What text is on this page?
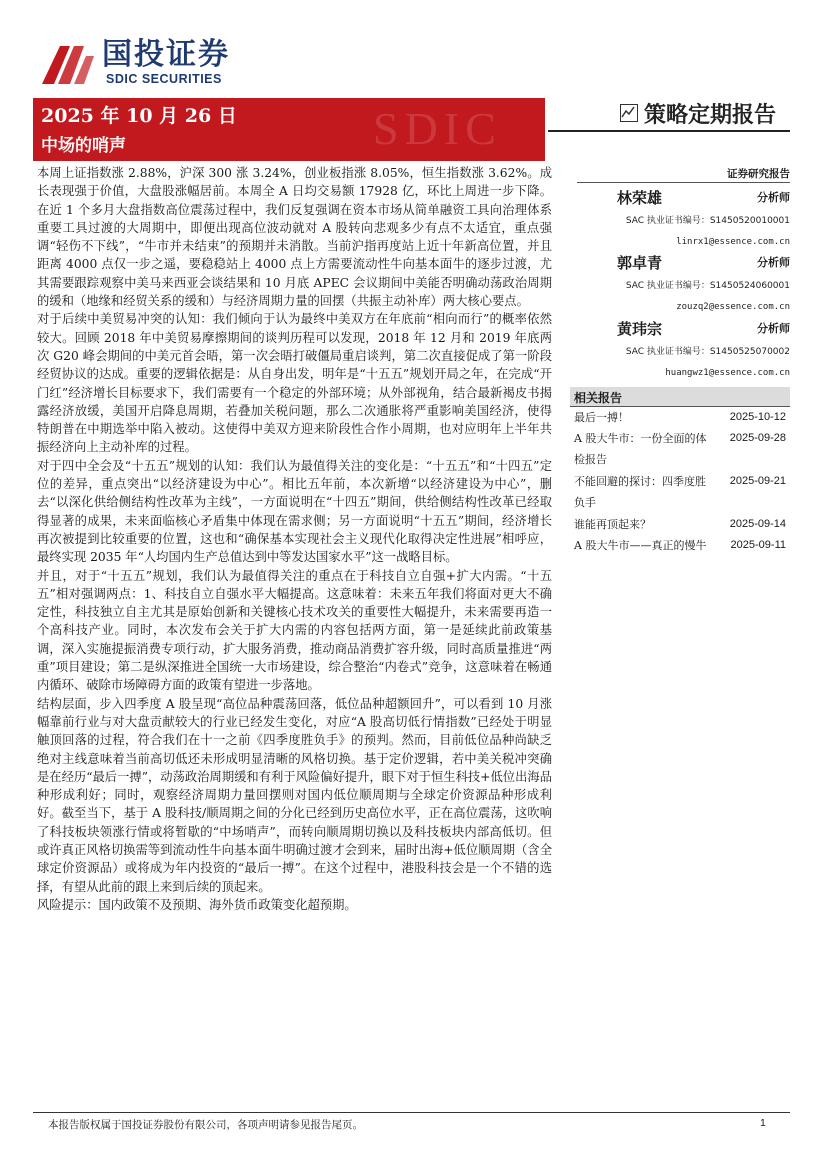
国投证券
SDIC SECURITIES
SDIC
2025 年 10 月 26 日
中场的哨声
策略定期报告
证券研究报告
林荣雄	分析师
SAC 执业证书编号：S1450520010001
linrx1@essence.com.cn
郭卓青	分析师
SAC 执业证书编号：S1450524060001
zouzq2@essence.com.cn
黄玮宗	分析师
SAC 执业证书编号：S1450525070002
huangwz1@essence.com.cn
相关报告
最后一搏！	2025-10-12
A 股大牛市：一份全面的体检报告
2025-09-28
不能回避的探讨：四季度胜负手
2025-09-21
谁能再顶起来？	2025-09-14
A 股大牛市——真正的慢牛	2025-09-11

本周上证指数涨 2.88%，沪深 300 涨 3.24%，创业板指涨 8.05%，恒生指数涨 3.62%。成长表现强于价值，大盘股涨幅居前。本周全 A 日均交易额 17928 亿，环比上周进一步下降。在近 1 个多月大盘指数高位震荡过程中，我们反复强调在资本市场从简单融资工具向治理体系重要工具过渡的大周期中，即便出现高位波动就对 A 股转向悲观多少有点不太适宜，重点强调“轻伤不下线”，“牛市并未结束”的预期并未消散。当前沪指再度站上近十年新高位置，并且距离 4000 点仅一步之遥，要稳稳站上 4000 点上方需要流动性牛向基本面牛的逐步过渡，尤其需要跟踪观察中美马来西亚会谈结果和 10 月底 APEC 会议期间中美能否明确动荡政治周期的缓和（地缘和经贸关系的缓和）与经济周期力量的回摆（共振主动补库）两大核心要点。

对于后续中美贸易冲突的认知：我们倾向于认为最终中美双方在年底前“相向而行”的概率依然较大。回顾 2018 年中美贸易摩擦期间的谈判历程可以发现，2018 年 12 月和 2019 年底两次 G20 峰会期间的中美元首会晤，第一次会晤打破僵局重启谈判，第二次直接促成了第一阶段经贸协议的达成。重要的逻辑依据是：从自身出发，明年是“十五五”规划开局之年，在完成“开门红”经济增长目标要求下，我们需要有一个稳定的外部环境；从外部视角，结合最新褐皮书揭露经济放缓，美国开启降息周期，若叠加关税问题，那么二次通胀将严重影响美国经济，使得特朗普在中期选举中陷入被动。这使得中美双方迎来阶段性合作小周期，也对应明年上半年共振经济向上主动补库的过程。

对于四中全会及“十五五”规划的认知：我们认为最值得关注的变化是：“十五五”和“十四五”定位的差异，重点突出“以经济建设为中心”。相比五年前，本次新增“以经济建设为中心”，删去“以深化供给侧结构性改革为主线”，一方面说明在“十四五”期间，供给侧结构性改革已经取得显著的成果，未来面临核心矛盾集中体现在需求侧；另一方面说明“十五五”期间，经济增长再次被提到比较重要的位置，这也和“确保基本实现社会主义现代化取得决定性进展”相呼应，最终实现 2035 年“人均国内生产总值达到中等发达国家水平”这一战略目标。

并且，对于“十五五”规划，我们认为最值得关注的重点在于科技自立自强+扩大内需。“十五五”相对强调两点：1、科技自立自强水平大幅提高。这意味着：未来五年我们将面对更大不确定性，科技独立自主尤其是原始创新和关键核心技术攻关的重要性大幅提升，未来需要再造一个高科技产业。同时，本次发布会关于扩大内需的内容包括两方面，第一是延续此前政策基调，深入实施提振消费专项行动，扩大服务消费，推动商品消费扩容升级，同时高质量推进“两重”项目建设；第二是纵深推进全国统一大市场建设，综合整治“内卷式”竞争，这意味着在畅通内循环、破除市场障碍方面的政策有望进一步落地。

结构层面，步入四季度 A 股呈现“高位品种震荡回落，低位品种超额回升”，可以看到 10 月涨幅靠前行业与对大盘贡献较大的行业已经发生变化，对应“A 股高切低行情指数”已经处于明显触顶回落的过程，符合我们在十一之前《四季度胜负手》的预判。然而，目前低位品种尚缺乏绝对主线意味着当前高切低还未形成明显清晰的风格切换。基于定价逻辑，若中美关税冲突确是在经历“最后一搏”，动荡政治周期缓和有利于风险偏好提升，眼下对于恒生科技+低位出海品种形成利好；同时，观察经济周期力量回摆则对国内低位顺周期与全球定价资源品种形成利好。截至当下，基于 A 股科技/顺周期之间的分化已经到历史高位水平，正在高位震荡，这吹响了科技板块领涨行情或将暂歇的“中场哨声”，而转向顺周期切换以及科技板块内部高低切。但或许真正风格切换需等到流动性牛向基本面牛明确过渡才会到来，届时出海+低位顺周期（含全球定价资源品）或将成为年内投资的“最后一搏”。在这个过程中，港股科技会是一个不错的选择，有望从此前的跟上来到后续的顶起来。

风险提示：国内政策不及预期、海外货币政策变化超预期。

本报告版权属于国投证券股份有限公司，各项声明请参见报告尾页。	1
